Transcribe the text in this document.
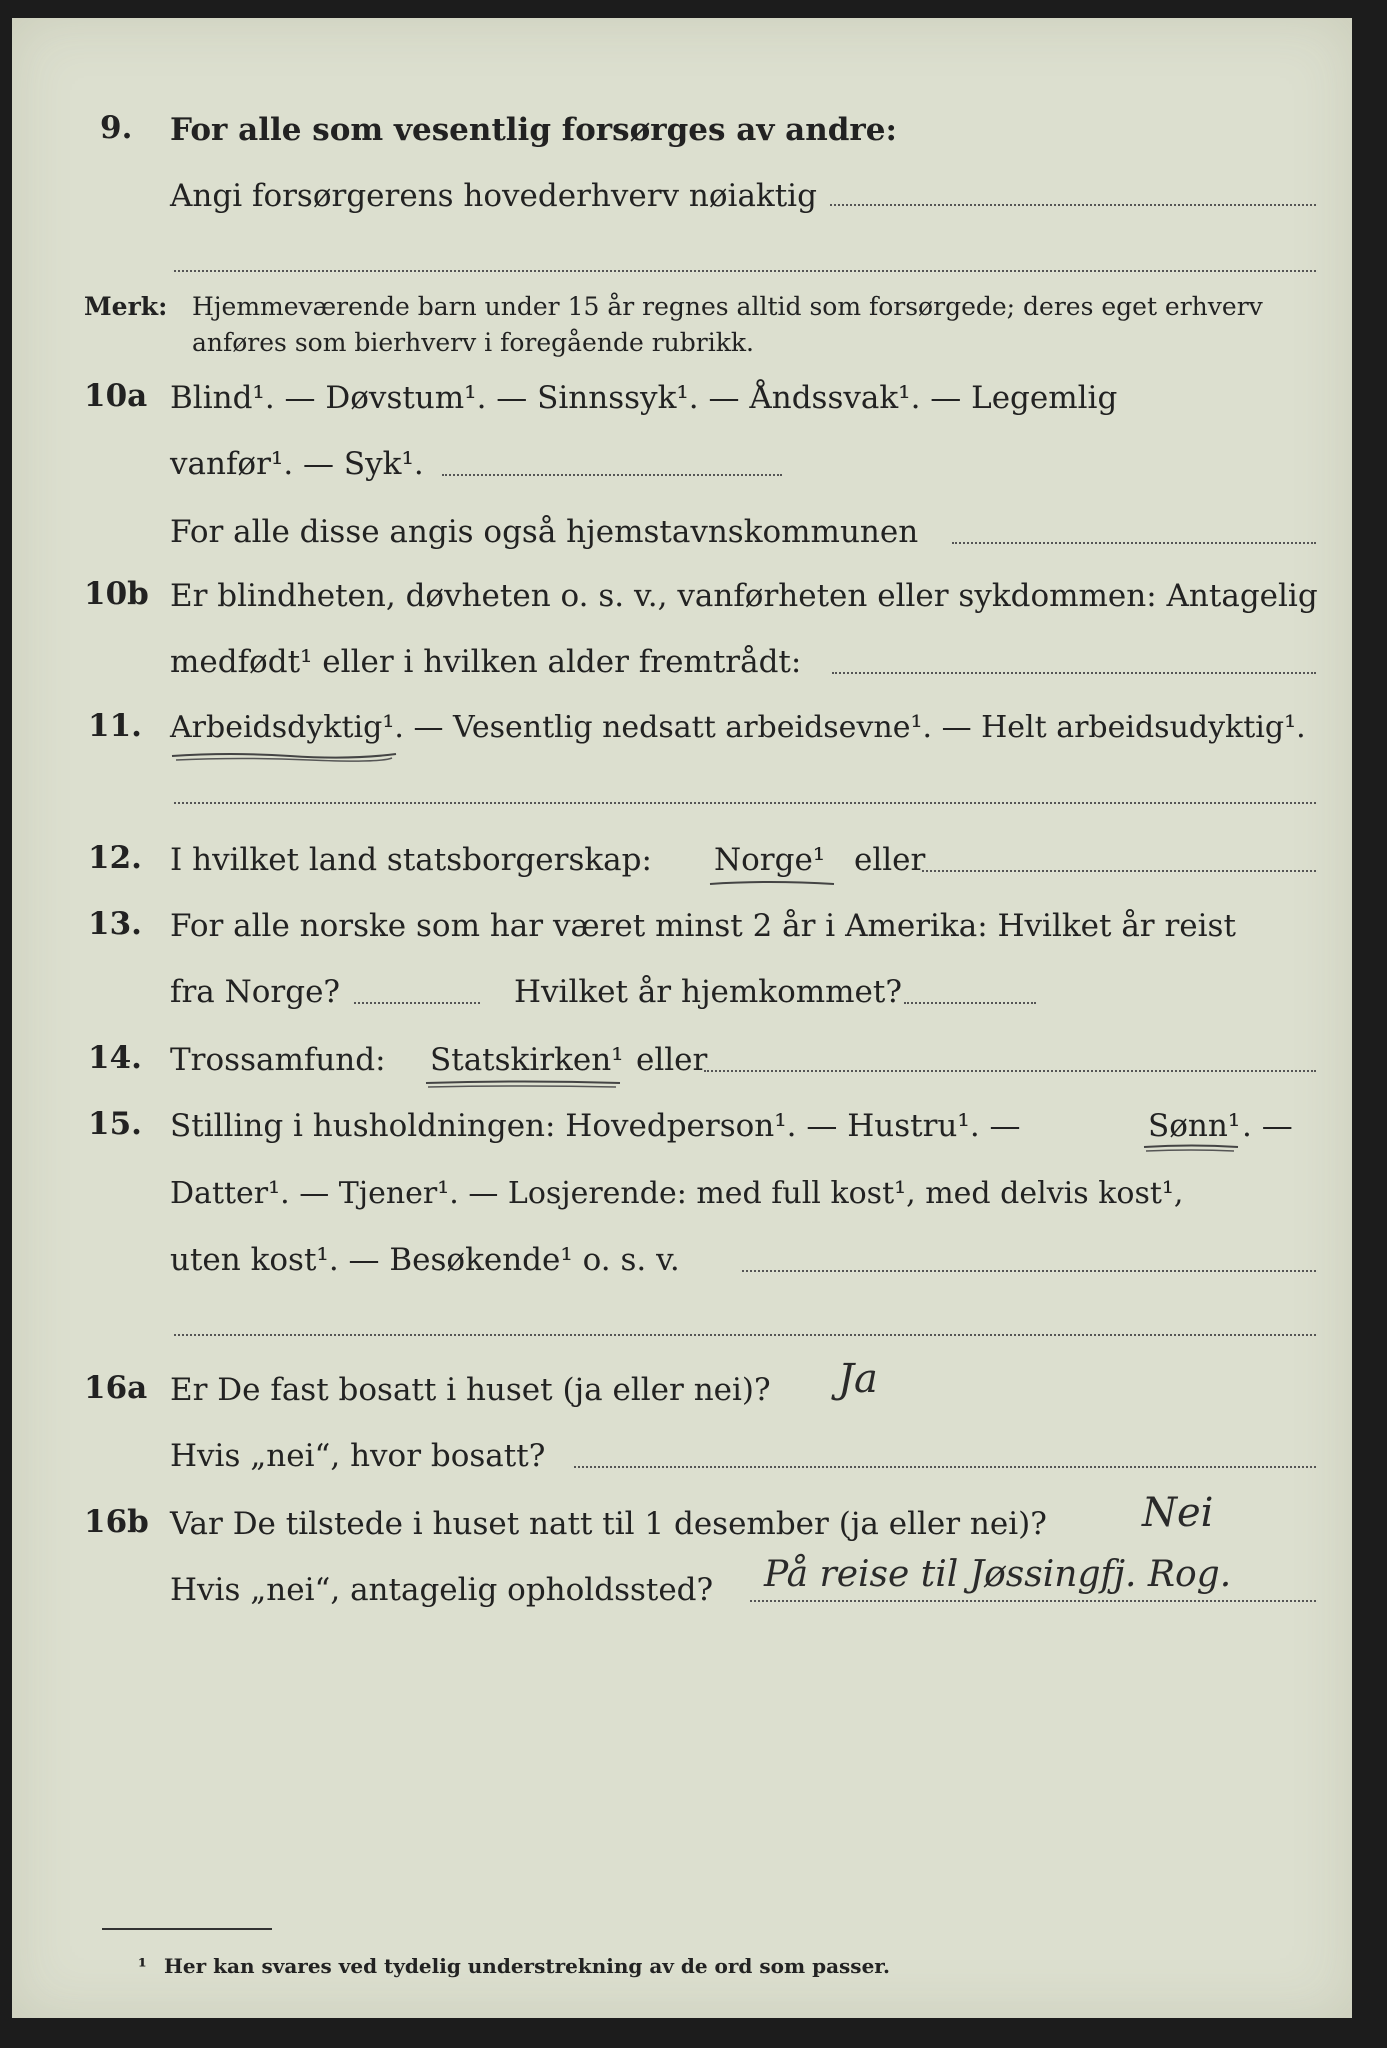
9. For alle som vesentlig forsørges av andre:
Angi forsørgerens hovederhverv nøiaktig
Merk: Hjemmeværende barn under 15 år regnes alltid som forsørgede; deres eget erhverv
anføres som bierhverv i foregående rubrikk.
10a Blind¹. — Døvstum¹. — Sinnssyk¹. — Åndssvak¹. — Legemlig
vanfør¹. — Syk¹.
For alle disse angis også hjemstavnskommunen
10b Er blindheten, døvheten o. s. v., vanførheten eller sykdommen: Antagelig
medfødt¹ eller i hvilken alder fremtrådt:
11. Arbeidsdyktig¹. — Vesentlig nedsatt arbeidsevne¹. — Helt arbeidsudyktig¹.
12. I hvilket land statsborgerskap:	Norge¹ eller
13. For alle norske som har været minst 2 år i Amerika: Hvilket år reist
fra Norge?	Hvilket år hjemkommet?
14. Trossamfund:	Statskirken¹ eller
15. Stilling i husholdningen: Hovedperson¹. — Hustru¹. —	Sønn¹ . —
Datter¹. — Tjener¹. — Losjerende: med full kost¹, med delvis kost¹,
uten kost¹. — Besøkende¹ o. s. v.
16a Er De fast bosatt i huset (ja eller nei)?	Ja
Hvis „nei“, hvor bosatt?
16b Var De tilstede i huset natt til 1 desember (ja eller nei)?	Nei
Hvis „nei“, antagelig opholdssted?	På reise til Jøssingfj. Rog.
¹ Her kan svares ved tydelig understrekning av de ord som passer.
